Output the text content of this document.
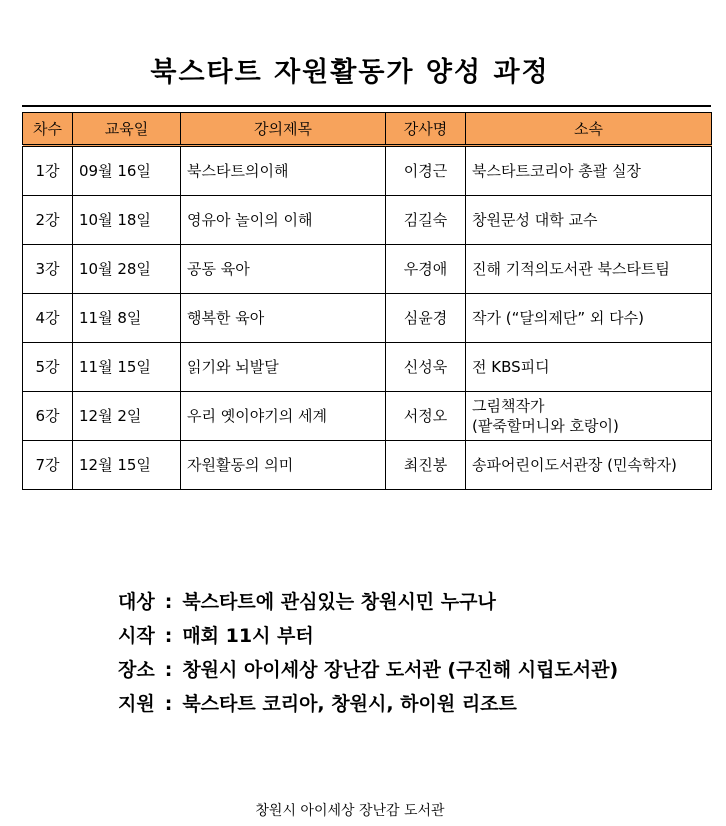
북스타트 자원활동가 양성 과정
차수	교육일	강의제목	강사명	소속
1강	09월 16일	북스타트의이해	이경근	북스타트코리아 총괄 실장

2강	10월 18일	영유아 놀이의 이해	김길숙	창원문성 대학 교수

3강	10월 28일	공동 육아	우경애	진해 기적의도서관 북스타트팀

4강	11월 8일	행복한 육아	심윤경	작가 (“달의제단” 외 다수)

5강	11월 15일	읽기와 뇌발달	신성욱	전 KBS피디

6강	12월 2일	우리 옛이야기의 세계	서정오	그림책작가
(팥죽할머니와 호랑이)

7강	12월 15일	자원활동의 의미	최진봉	송파어린이도서관장 (민속학자)
대상 : 북스타트에 관심있는 창원시민 누구나
시작 : 매회 11시 부터
장소 : 창원시 아이세상 장난감 도서관 (구진해 시립도서관)
지원 : 북스타트 코리아, 창원시, 하이원 리조트
창원시 아이세상 장난감 도서관
